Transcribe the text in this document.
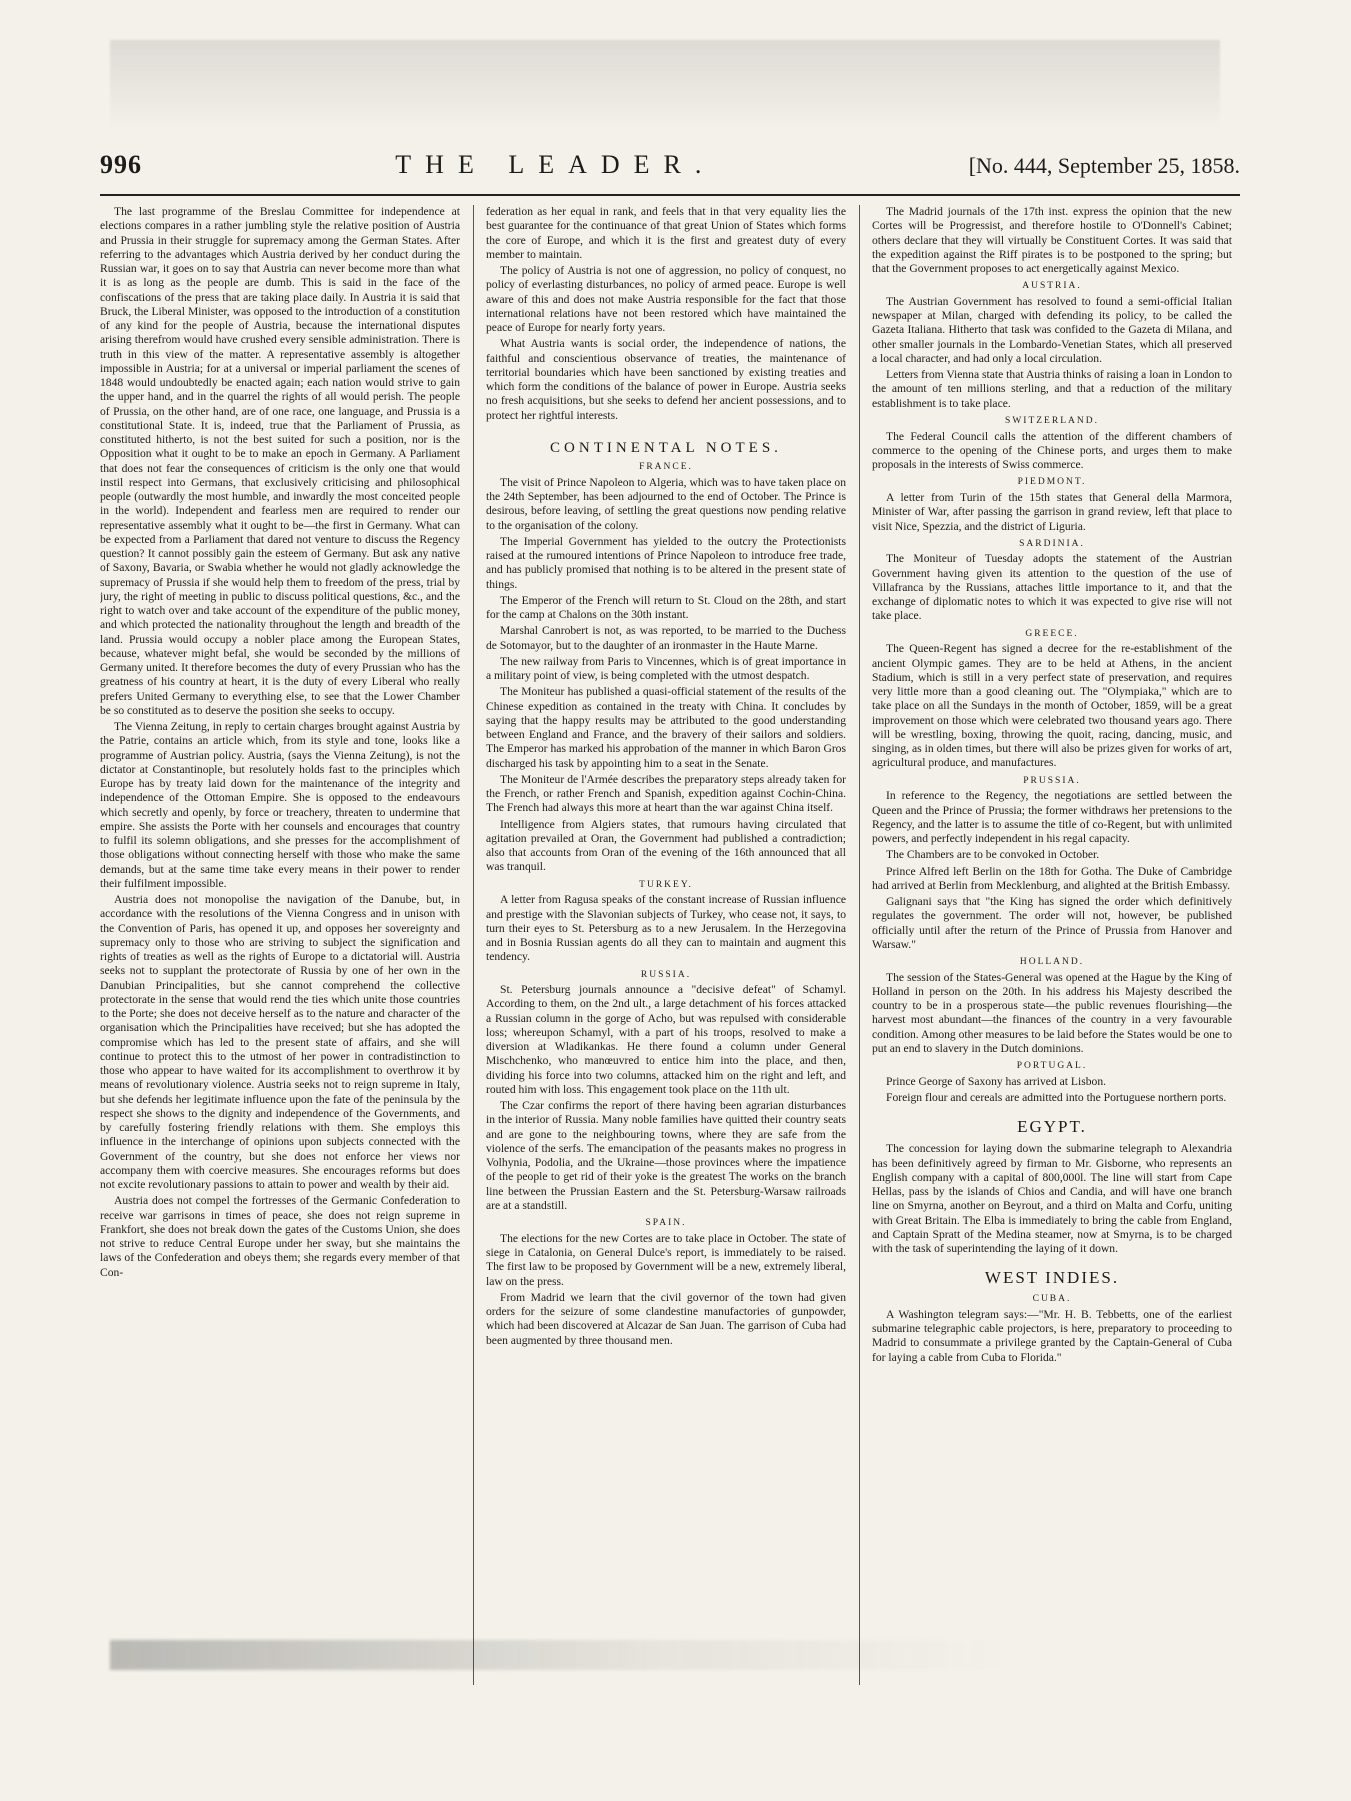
996	THE LEADER.	[No. 444, September 25, 1858.

The last programme of the Breslau Committee for independence at elections compares in a rather jumbling style the relative position of Austria and Prussia in their struggle for supremacy among the German States. After referring to the advantages which Austria derived by her conduct during the Russian war, it goes on to say that Austria can never become more than what it is as long as the people are dumb. This is said in the face of the confiscations of the press that are taking place daily. In Austria it is said that Bruck, the Liberal Minister, was opposed to the introduction of a constitution of any kind for the people of Austria, because the international disputes arising therefrom would have crushed every sensible administration. There is truth in this view of the matter. A representative assembly is altogether impossible in Austria; for at a universal or imperial parliament the scenes of 1848 would undoubtedly be enacted again; each nation would strive to gain the upper hand, and in the quarrel the rights of all would perish. The people of Prussia, on the other hand, are of one race, one language, and Prussia is a constitutional State. It is, indeed, true that the Parliament of Prussia, as constituted hitherto, is not the best suited for such a position, nor is the Opposition what it ought to be to make an epoch in Germany. A Parliament that does not fear the consequences of criticism is the only one that would instil respect into Germans, that exclusively criticising and philosophical people (outwardly the most humble, and inwardly the most conceited people in the world). Independent and fearless men are required to render our representative assembly what it ought to be—the first in Germany. What can be expected from a Parliament that dared not venture to discuss the Regency question? It cannot possibly gain the esteem of Germany. But ask any native of Saxony, Bavaria, or Swabia whether he would not gladly acknowledge the supremacy of Prussia if she would help them to freedom of the press, trial by jury, the right of meeting in public to discuss political questions, &c., and the right to watch over and take account of the expenditure of the public money, and which protected the nationality throughout the length and breadth of the land. Prussia would occupy a nobler place among the European States, because, whatever might befal, she would be seconded by the millions of Germany united. It therefore becomes the duty of every Prussian who has the greatness of his country at heart, it is the duty of every Liberal who really prefers United Germany to everything else, to see that the Lower Chamber be so constituted as to deserve the position she seeks to occupy.

The Vienna Zeitung, in reply to certain charges brought against Austria by the Patrie, contains an article which, from its style and tone, looks like a programme of Austrian policy. Austria, (says the Vienna Zeitung), is not the dictator at Constantinople, but resolutely holds fast to the principles which Europe has by treaty laid down for the maintenance of the integrity and independence of the Ottoman Empire. She is opposed to the endeavours which secretly and openly, by force or treachery, threaten to undermine that empire. She assists the Porte with her counsels and encourages that country to fulfil its solemn obligations, and she presses for the accomplishment of those obligations without connecting herself with those who make the same demands, but at the same time take every means in their power to render their fulfilment impossible.

Austria does not monopolise the navigation of the Danube, but, in accordance with the resolutions of the Vienna Congress and in unison with the Convention of Paris, has opened it up, and opposes her sovereignty and supremacy only to those who are striving to subject the signification and rights of treaties as well as the rights of Europe to a dictatorial will. Austria seeks not to supplant the protectorate of Russia by one of her own in the Danubian Principalities, but she cannot comprehend the collective protectorate in the sense that would rend the ties which unite those countries to the Porte; she does not deceive herself as to the nature and character of the organisation which the Principalities have received; but she has adopted the compromise which has led to the present state of affairs, and she will continue to protect this to the utmost of her power in contradistinction to those who appear to have waited for its accomplishment to overthrow it by means of revolutionary violence. Austria seeks not to reign supreme in Italy, but she defends her legitimate influence upon the fate of the peninsula by the respect she shows to the dignity and independence of the Governments, and by carefully fostering friendly relations with them. She employs this influence in the interchange of opinions upon subjects connected with the Government of the country, but she does not enforce her views nor accompany them with coercive measures. She encourages reforms but does not excite revolutionary passions to attain to power and wealth by their aid.

Austria does not compel the fortresses of the Germanic Confederation to receive war garrisons in times of peace, she does not reign supreme in Frankfort, she does not break down the gates of the Customs Union, she does not strive to reduce Central Europe under her sway, but she maintains the laws of the Confederation and obeys them; she regards every member of that Con-

federation as her equal in rank, and feels that in that very equality lies the best guarantee for the continuance of that great Union of States which forms the core of Europe, and which it is the first and greatest duty of every member to maintain.

The policy of Austria is not one of aggression, no policy of conquest, no policy of everlasting disturbances, no policy of armed peace. Europe is well aware of this and does not make Austria responsible for the fact that those international relations have not been restored which have maintained the peace of Europe for nearly forty years.

What Austria wants is social order, the independence of nations, the faithful and conscientious observance of treaties, the maintenance of territorial boundaries which have been sanctioned by existing treaties and which form the conditions of the balance of power in Europe. Austria seeks no fresh acquisitions, but she seeks to defend her ancient possessions, and to protect her rightful interests.

CONTINENTAL NOTES.
FRANCE.

The visit of Prince Napoleon to Algeria, which was to have taken place on the 24th September, has been adjourned to the end of October. The Prince is desirous, before leaving, of settling the great questions now pending relative to the organisation of the colony.

The Imperial Government has yielded to the outcry the Protectionists raised at the rumoured intentions of Prince Napoleon to introduce free trade, and has publicly promised that nothing is to be altered in the present state of things.

The Emperor of the French will return to St. Cloud on the 28th, and start for the camp at Chalons on the 30th instant.

Marshal Canrobert is not, as was reported, to be married to the Duchess de Sotomayor, but to the daughter of an ironmaster in the Haute Marne.

The new railway from Paris to Vincennes, which is of great importance in a military point of view, is being completed with the utmost despatch.

The Moniteur has published a quasi-official statement of the results of the Chinese expedition as contained in the treaty with China. It concludes by saying that the happy results may be attributed to the good understanding between England and France, and the bravery of their sailors and soldiers. The Emperor has marked his approbation of the manner in which Baron Gros discharged his task by appointing him to a seat in the Senate.

The Moniteur de l'Armée describes the preparatory steps already taken for the French, or rather French and Spanish, expedition against Cochin-China. The French had always this more at heart than the war against China itself.

Intelligence from Algiers states, that rumours having circulated that agitation prevailed at Oran, the Government had published a contradiction; also that accounts from Oran of the evening of the 16th announced that all was tranquil.

TURKEY.

A letter from Ragusa speaks of the constant increase of Russian influence and prestige with the Slavonian subjects of Turkey, who cease not, it says, to turn their eyes to St. Petersburg as to a new Jerusalem. In the Herzegovina and in Bosnia Russian agents do all they can to maintain and augment this tendency.

RUSSIA.

St. Petersburg journals announce a "decisive defeat" of Schamyl. According to them, on the 2nd ult., a large detachment of his forces attacked a Russian column in the gorge of Acho, but was repulsed with considerable loss; whereupon Schamyl, with a part of his troops, resolved to make a diversion at Wladikankas. He there found a column under General Mischchenko, who manœuvred to entice him into the place, and then, dividing his force into two columns, attacked him on the right and left, and routed him with loss. This engagement took place on the 11th ult.

The Czar confirms the report of there having been agrarian disturbances in the interior of Russia. Many noble families have quitted their country seats and are gone to the neighbouring towns, where they are safe from the violence of the serfs. The emancipation of the peasants makes no progress in Volhynia, Podolia, and the Ukraine—those provinces where the impatience of the people to get rid of their yoke is the greatest The works on the branch line between the Prussian Eastern and the St. Petersburg-Warsaw railroads are at a standstill.

SPAIN.

The elections for the new Cortes are to take place in October. The state of siege in Catalonia, on General Dulce's report, is immediately to be raised. The first law to be proposed by Government will be a new, extremely liberal, law on the press.

From Madrid we learn that the civil governor of the town had given orders for the seizure of some clandestine manufactories of gunpowder, which had been discovered at Alcazar de San Juan. The garrison of Cuba had been augmented by three thousand men.

The Madrid journals of the 17th inst. express the opinion that the new Cortes will be Progressist, and therefore hostile to O'Donnell's Cabinet; others declare that they will virtually be Constituent Cortes. It was said that the expedition against the Riff pirates is to be postponed to the spring; but that the Government proposes to act energetically against Mexico.

AUSTRIA.

The Austrian Government has resolved to found a semi-official Italian newspaper at Milan, charged with defending its policy, to be called the Gazeta Italiana. Hitherto that task was confided to the Gazeta di Milana, and other smaller journals in the Lombardo-Venetian States, which all preserved a local character, and had only a local circulation.

Letters from Vienna state that Austria thinks of raising a loan in London to the amount of ten millions sterling, and that a reduction of the military establishment is to take place.

SWITZERLAND.

The Federal Council calls the attention of the different chambers of commerce to the opening of the Chinese ports, and urges them to make proposals in the interests of Swiss commerce.

PIEDMONT.

A letter from Turin of the 15th states that General della Marmora, Minister of War, after passing the garrison in grand review, left that place to visit Nice, Spezzia, and the district of Liguria.

SARDINIA.

The Moniteur of Tuesday adopts the statement of the Austrian Government having given its attention to the question of the use of Villafranca by the Russians, attaches little importance to it, and that the exchange of diplomatic notes to which it was expected to give rise will not take place.

GREECE.

The Queen-Regent has signed a decree for the re-establishment of the ancient Olympic games. They are to be held at Athens, in the ancient Stadium, which is still in a very perfect state of preservation, and requires very little more than a good cleaning out. The "Olympiaka," which are to take place on all the Sundays in the month of October, 1859, will be a great improvement on those which were celebrated two thousand years ago. There will be wrestling, boxing, throwing the quoit, racing, dancing, music, and singing, as in olden times, but there will also be prizes given for works of art, agricultural produce, and manufactures.

PRUSSIA.

In reference to the Regency, the negotiations are settled between the Queen and the Prince of Prussia; the former withdraws her pretensions to the Regency, and the latter is to assume the title of co-Regent, but with unlimited powers, and perfectly independent in his regal capacity.

The Chambers are to be convoked in October.

Prince Alfred left Berlin on the 18th for Gotha. The Duke of Cambridge had arrived at Berlin from Mecklenburg, and alighted at the British Embassy.

Galignani says that "the King has signed the order which definitively regulates the government. The order will not, however, be published officially until after the return of the Prince of Prussia from Hanover and Warsaw."

HOLLAND.

The session of the States-General was opened at the Hague by the King of Holland in person on the 20th. In his address his Majesty described the country to be in a prosperous state—the public revenues flourishing—the harvest most abundant—the finances of the country in a very favourable condition. Among other measures to be laid before the States would be one to put an end to slavery in the Dutch dominions.

PORTUGAL.

Prince George of Saxony has arrived at Lisbon.

Foreign flour and cereals are admitted into the Portuguese northern ports.

EGYPT.

The concession for laying down the submarine telegraph to Alexandria has been definitively agreed by firman to Mr. Gisborne, who represents an English company with a capital of 800,000l. The line will start from Cape Hellas, pass by the islands of Chios and Candia, and will have one branch line on Smyrna, another on Beyrout, and a third on Malta and Corfu, uniting with Great Britain. The Elba is immediately to bring the cable from England, and Captain Spratt of the Medina steamer, now at Smyrna, is to be charged with the task of superintending the laying of it down.

WEST INDIES.
CUBA.

A Washington telegram says:—"Mr. H. B. Tebbetts, one of the earliest submarine telegraphic cable projectors, is here, preparatory to proceeding to Madrid to consummate a privilege granted by the Captain-General of Cuba for laying a cable from Cuba to Florida."
